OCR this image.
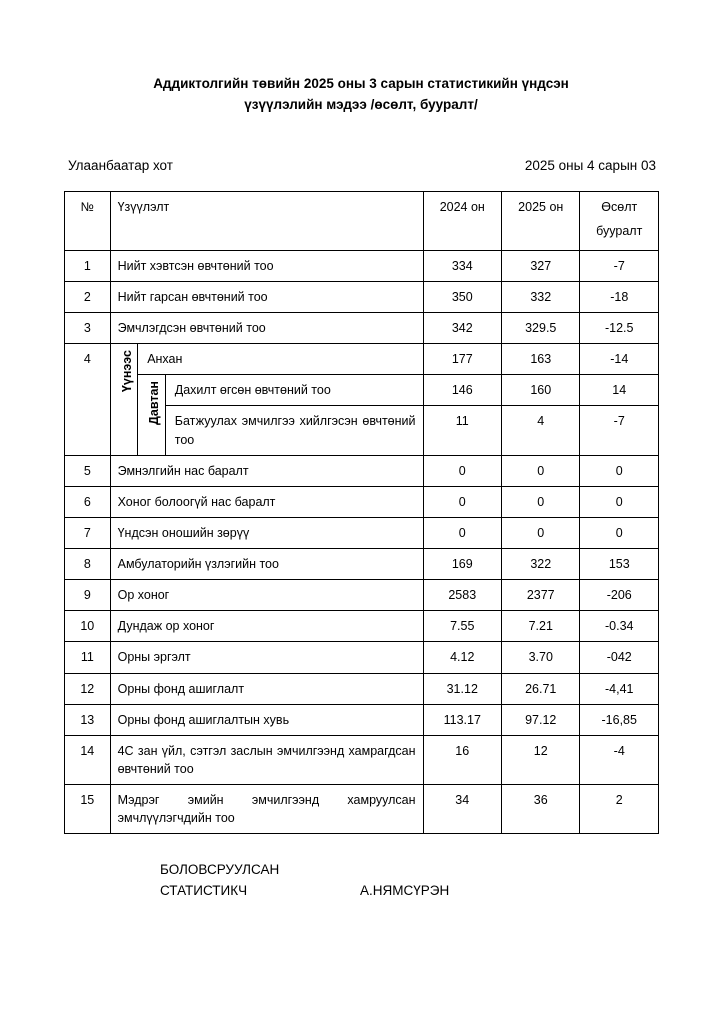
Аддиктолгийн төвийн 2025 оны 3 сарын статистикийн үндсэн
үзүүлэлийн мэдээ /өсөлт, бууралт/
Улаанбаатар хот	2025 оны 4 сарын 03
№	Үзүүлэлт			2024 он	2025 он	Өсөлт
бууралт

1	Нийт хэвтсэн өвчтөний тоо			334	327	-7
2	Нийт гарсан өвчтөний тоо			350	332	-18
3	Эмчлэгдсэн өвчтөний тоо			342	329.5	-12.5
4	Үүнээс	Анхан		177	163	-14
		Давтан	Дахилт өгсөн өвчтөний тоо	146	160	14
			Батжуулах эмчилгээ хийлгэсэн өвчтөний тоо	11	4	-7
5	Эмнэлгийн нас баралт			0	0	0
6	Хоног болоогүй нас баралт			0	0	0
7	Үндсэн оношийн зөрүү			0	0	0
8	Амбулаторийн үзлэгийн тоо			169	322	153
9	Ор хоног			2583	2377	-206
10	Дундаж ор хоног			7.55	7.21	-0.34
11	Орны эргэлт			4.12	3.70	-042
12	Орны фонд ашиглалт			31.12	26.71	-4,41
13	Орны фонд ашиглалтын хувь			113.17	97.12	-16,85
14	4С зан үйл, сэтгэл заслын эмчилгээнд хамрагдсан өвчтөний тоо			16	12	-4
15	Мэдрэг эмийн эмчилгээнд хамруулсан эмчлүүлэгчдийн тоо			34	36	2
БОЛОВСРУУЛСАН
СТАТИСТИКЧ	А.НЯМСҮРЭН
